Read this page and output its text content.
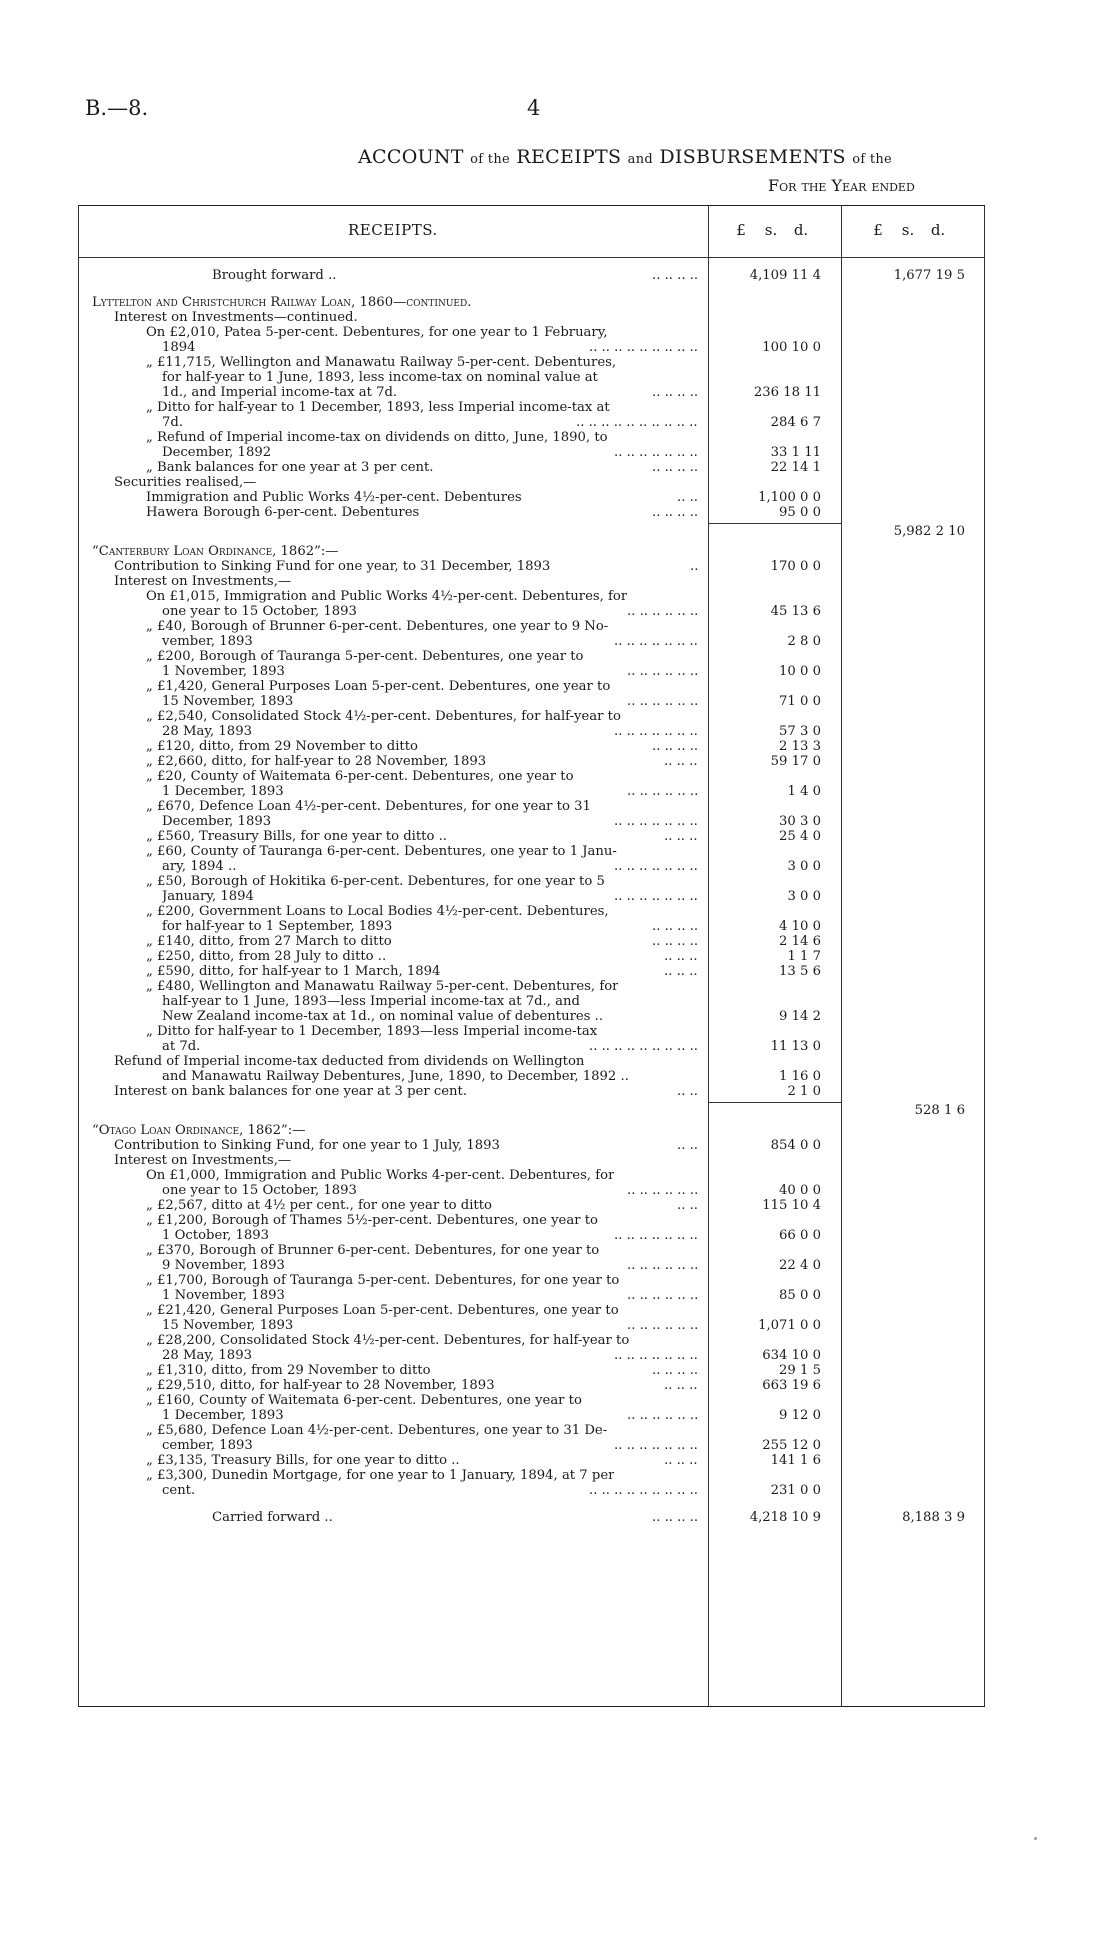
B.—8.	4
ACCOUNT of the RECEIPTS and DISBURSEMENTS of the
For the Year ended
RECEIPTS.	£ s. d.	£ s. d.
Brought forward ..	.. .. .. ..	4,109 11 4	1,677 19 5
Lyttelton and Christchurch Railway Loan, 1860—continued.
Interest on Investments—continued.
On £2,010, Patea 5-per-cent. Debentures, for one year to 1 February,
1894	.. .. .. .. .. .. .. .. ..	100 10 0
„ £11,715, Wellington and Manawatu Railway 5-per-cent. Debentures,
for half-year to 1 June, 1893, less income-tax on nominal value at
1d., and Imperial income-tax at 7d.	.. .. .. ..	236 18 11
„ Ditto for half-year to 1 December, 1893, less Imperial income-tax at
7d.	.. .. .. .. .. .. .. .. .. ..	284 6 7
„ Refund of Imperial income-tax on dividends on ditto, June, 1890, to
December, 1892	.. .. .. .. .. .. ..	33 1 11
„ Bank balances for one year at 3 per cent.	.. .. .. ..	22 14 1
Securities realised,—
Immigration and Public Works 4½-per-cent. Debentures	.. ..	1,100 0 0
Hawera Borough 6-per-cent. Debentures	.. .. .. ..	95 0 0
5,982 2 10
“Canterbury Loan Ordinance, 1862”:—
Contribution to Sinking Fund for one year, to 31 December, 1893	..	170 0 0
Interest on Investments,—
On £1,015, Immigration and Public Works 4½-per-cent. Debentures, for
one year to 15 October, 1893	.. .. .. .. .. ..	45 13 6
„ £40, Borough of Brunner 6-per-cent. Debentures, one year to 9 No-
vember, 1893	.. .. .. .. .. .. ..	2 8 0
„ £200, Borough of Tauranga 5-per-cent. Debentures, one year to
1 November, 1893	.. .. .. .. .. ..	10 0 0
„ £1,420, General Purposes Loan 5-per-cent. Debentures, one year to
15 November, 1893	.. .. .. .. .. ..	71 0 0
„ £2,540, Consolidated Stock 4½-per-cent. Debentures, for half-year to
28 May, 1893	.. .. .. .. .. .. ..	57 3 0
„ £120, ditto, from 29 November to ditto	.. .. .. ..	2 13 3
„ £2,660, ditto, for half-year to 28 November, 1893	.. .. ..	59 17 0
„ £20, County of Waitemata 6-per-cent. Debentures, one year to
1 December, 1893	.. .. .. .. .. ..	1 4 0
„ £670, Defence Loan 4½-per-cent. Debentures, for one year to 31
December, 1893	.. .. .. .. .. .. ..	30 3 0
„ £560, Treasury Bills, for one year to ditto ..	.. .. ..	25 4 0
„ £60, County of Tauranga 6-per-cent. Debentures, one year to 1 Janu-
ary, 1894 ..	.. .. .. .. .. .. ..	3 0 0
„ £50, Borough of Hokitika 6-per-cent. Debentures, for one year to 5
January, 1894	.. .. .. .. .. .. ..	3 0 0
„ £200, Government Loans to Local Bodies 4½-per-cent. Debentures,
for half-year to 1 September, 1893	.. .. .. ..	4 10 0
„ £140, ditto, from 27 March to ditto	.. .. .. ..	2 14 6
„ £250, ditto, from 28 July to ditto ..	.. .. ..	1 1 7
„ £590, ditto, for half-year to 1 March, 1894	.. .. ..	13 5 6
„ £480, Wellington and Manawatu Railway 5-per-cent. Debentures, for
half-year to 1 June, 1893—less Imperial income-tax at 7d., and
New Zealand income-tax at 1d., on nominal value of debentures ..	9 14 2
„ Ditto for half-year to 1 December, 1893—less Imperial income-tax
at 7d.	.. .. .. .. .. .. .. .. ..	11 13 0
Refund of Imperial income-tax deducted from dividends on Wellington
and Manawatu Railway Debentures, June, 1890, to December, 1892 ..	1 16 0
Interest on bank balances for one year at 3 per cent.	.. ..	2 1 0
528 1 6
“Otago Loan Ordinance, 1862”:—
Contribution to Sinking Fund, for one year to 1 July, 1893	.. ..	854 0 0
Interest on Investments,—
On £1,000, Immigration and Public Works 4-per-cent. Debentures, for
one year to 15 October, 1893	.. .. .. .. .. ..	40 0 0
„ £2,567, ditto at 4½ per cent., for one year to ditto	.. ..	115 10 4
„ £1,200, Borough of Thames 5½-per-cent. Debentures, one year to
1 October, 1893	.. .. .. .. .. .. ..	66 0 0
„ £370, Borough of Brunner 6-per-cent. Debentures, for one year to
9 November, 1893	.. .. .. .. .. ..	22 4 0
„ £1,700, Borough of Tauranga 5-per-cent. Debentures, for one year to
1 November, 1893	.. .. .. .. .. ..	85 0 0
„ £21,420, General Purposes Loan 5-per-cent. Debentures, one year to
15 November, 1893	.. .. .. .. .. ..	1,071 0 0
„ £28,200, Consolidated Stock 4½-per-cent. Debentures, for half-year to
28 May, 1893	.. .. .. .. .. .. ..	634 10 0
„ £1,310, ditto, from 29 November to ditto	.. .. .. ..	29 1 5
„ £29,510, ditto, for half-year to 28 November, 1893	.. .. ..	663 19 6
„ £160, County of Waitemata 6-per-cent. Debentures, one year to
1 December, 1893	.. .. .. .. .. ..	9 12 0
„ £5,680, Defence Loan 4½-per-cent. Debentures, one year to 31 De-
cember, 1893	.. .. .. .. .. .. ..	255 12 0
„ £3,135, Treasury Bills, for one year to ditto ..	.. .. ..	141 1 6
„ £3,300, Dunedin Mortgage, for one year to 1 January, 1894, at 7 per
cent.	.. .. .. .. .. .. .. .. ..	231 0 0
Carried forward ..	.. .. .. ..	4,218 10 9	8,188 3 9
